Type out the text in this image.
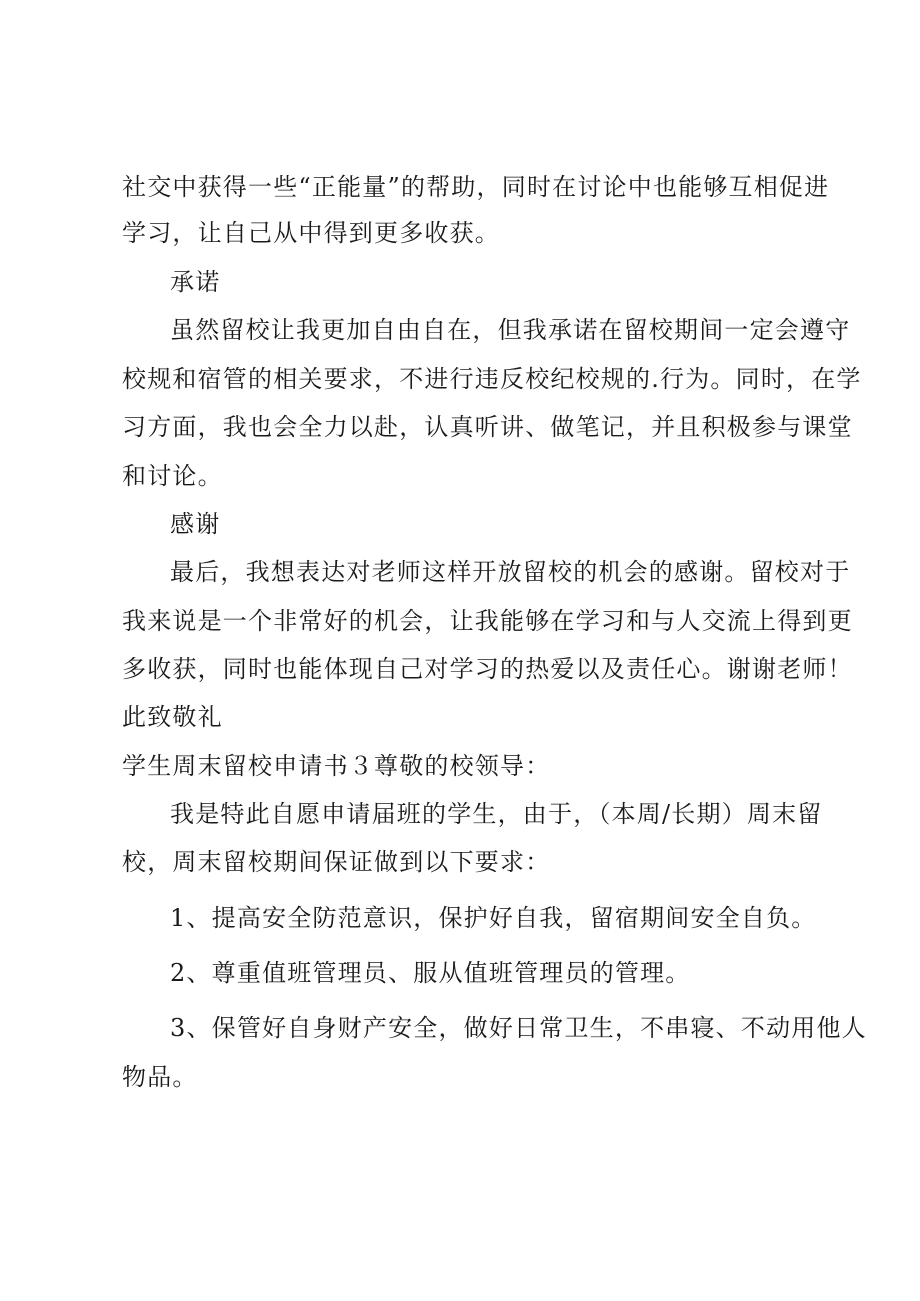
社交中获得一些“正能量”的帮助，同时在讨论中也能够互相促进
学习，让自己从中得到更多收获。
承诺
虽然留校让我更加自由自在，但我承诺在留校期间一定会遵守
校规和宿管的相关要求，不进行违反校纪校规的.行为。同时，在学
习方面，我也会全力以赴，认真听讲、做笔记，并且积极参与课堂
和讨论。
感谢
最后，我想表达对老师这样开放留校的机会的感谢。留校对于
我来说是一个非常好的机会，让我能够在学习和与人交流上得到更
多收获，同时也能体现自己对学习的热爱以及责任心。谢谢老师！
此致敬礼
学生周末留校申请书３尊敬的校领导：
我是特此自愿申请届班的学生，由于，（本周/长期）周末留
校，周末留校期间保证做到以下要求：
1、提高安全防范意识，保护好自我，留宿期间安全自负。
2、尊重值班管理员、服从值班管理员的管理。
3、保管好自身财产安全，做好日常卫生，不串寝、不动用他人
物品。
